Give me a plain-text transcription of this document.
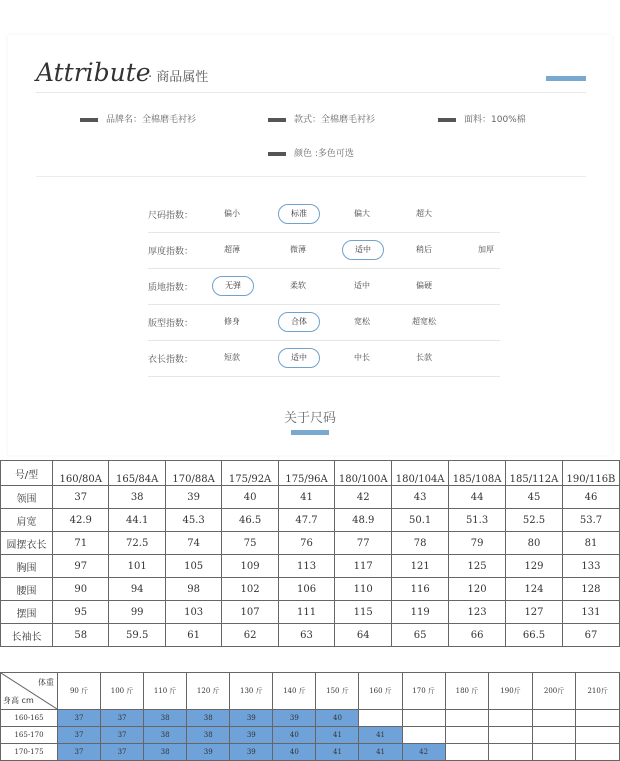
Attribute
· 商品属性
品牌名：全棉磨毛衬衫	款式：全棉磨毛衬衫	面料：100%棉
颜色 :多色可选
尺码指数：	偏小	标准	偏大	超大
厚度指数：	超薄	微薄	适中	稍后	加厚
质地指数：	无弹	柔软	适中	偏硬
版型指数：	修身	合体	宽松	超宽松
衣长指数：	短款	适中	中长	长款
关于尺码
号/型	160/80A	165/84A	170/88A	175/92A	175/96A	180/100A	180/104A	185/108A	185/112A	190/116B
领围	37	38	39	40	41	42	43	44	45	46
肩宽	42.9	44.1	45.3	46.5	47.7	48.9	50.1	51.3	52.5	53.7
圆摆衣长	71	72.5	74	75	76	77	78	79	80	81
胸围	97	101	105	109	113	117	121	125	129	133
腰围	90	94	98	102	106	110	116	120	124	128
摆围	95	99	103	107	111	115	119	123	127	131
长袖长	58	59.5	61	62	63	64	65	66	66.5	67
体重
身高 cm	90 斤	100 斤	110 斤	120 斤	130 斤	140 斤	150 斤	160 斤	170 斤	180 斤	190斤	200斤	210斤
160-165	37	37	38	38	39	39	40						
165-170	37	37	38	38	39	40	41	41					
170-175	37	37	38	39	39	40	41	41	42				
